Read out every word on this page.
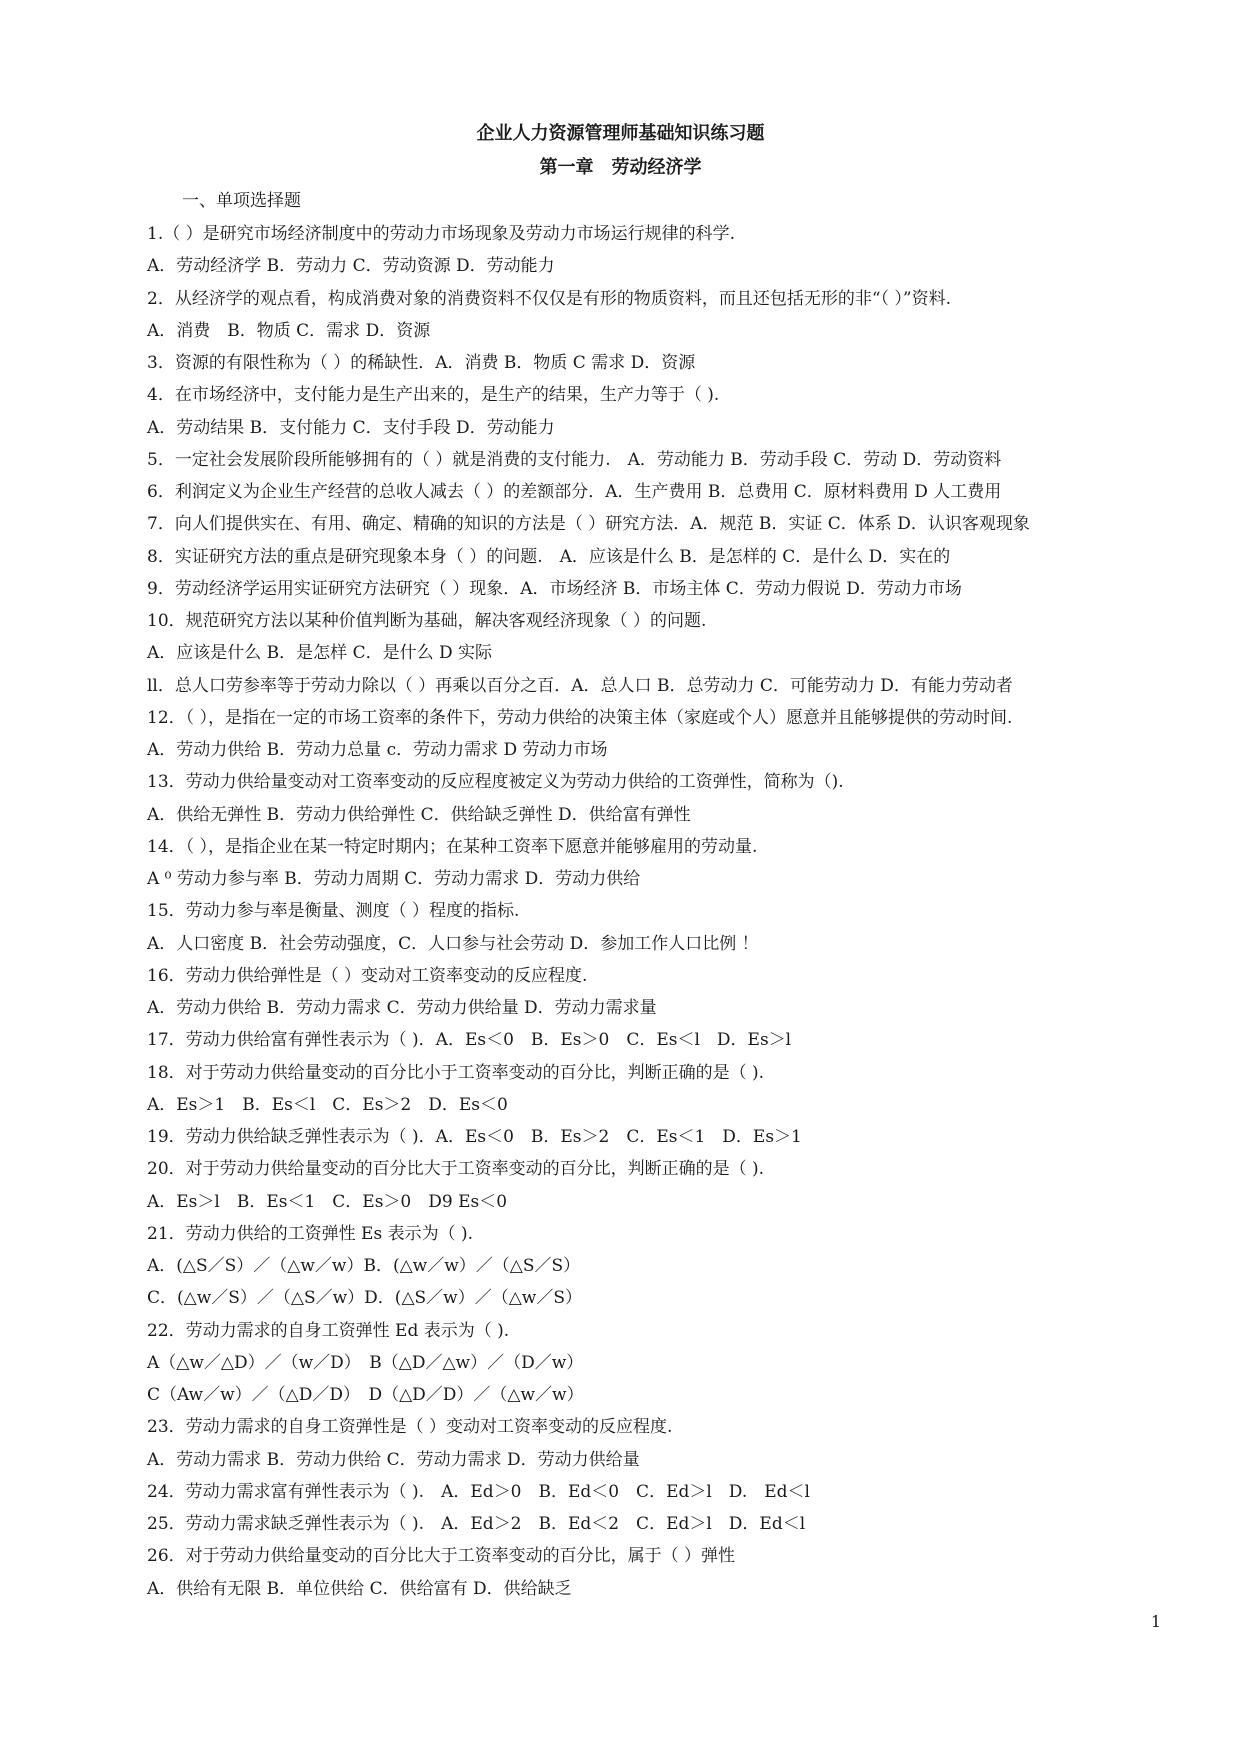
企业人力资源管理师基础知识练习题
第一章　劳动经济学
一、单项选择题
1.（ ）是研究市场经济制度中的劳动力市场现象及劳动力市场运行规律的科学.
A．劳动经济学 B．劳动力 C．劳动资源 D．劳动能力
2．从经济学的观点看，构成消费对象的消费资料不仅仅是有形的物质资料，而且还包括无形的非“（ ）”资料.
A．消费　B．物质 C．需求 D．资源
3．资源的有限性称为（ ）的稀缺性．A．消费 B．物质 C 需求 D．资源
4．在市场经济中，支付能力是生产出来的，是生产的结果，生产力等于（ ).
A．劳动结果 B．支付能力 C．支付手段 D．劳动能力
5．一定社会发展阶段所能够拥有的（ ）就是消费的支付能力.　A．劳动能力 B．劳动手段 C．劳动 D．劳动资料
6．利润定义为企业生产经营的总收人减去（ ）的差额部分．A．生产费用 B．总费用 C．原材料费用 D 人工费用
7．向人们提供实在、有用、确定、精确的知识的方法是（ ）研究方法．A．规范 B．实证 C．体系 D．认识客观现象
8．实证研究方法的重点是研究现象本身（ ）的问题.　A．应该是什么 B．是怎样的 C．是什么 D．实在的
9．劳动经济学运用实证研究方法研究（ ）现象．A．市场经济 B．市场主体 C．劳动力假说 D．劳动力市场
10．规范研究方法以某种价值判断为基础，解决客观经济现象（ ）的问题.
A．应该是什么 B．是怎样 C．是什么 D 实际
ll．总人口劳参率等于劳动力除以（ ）再乘以百分之百．A．总人口 B．总劳动力 C．可能劳动力 D．有能力劳动者
12．（ ），是指在一定的市场工资率的条件下，劳动力供给的决策主体（家庭或个人）愿意并且能够提供的劳动时间.
A．劳动力供给 B．劳动力总量 c．劳动力需求 D 劳动力市场
13．劳动力供给量变动对工资率变动的反应程度被定义为劳动力供给的工资弹性，简称为（).
A．供给无弹性 B．劳动力供给弹性 C．供给缺乏弹性 D．供给富有弹性
14．（ ），是指企业在某一特定时期内；在某种工资率下愿意并能够雇用的劳动量.
A ⁰ 劳动力参与率 B．劳动力周期 C．劳动力需求 D．劳动力供给
15．劳动力参与率是衡量、测度（ ）程度的指标.
A．人口密度 B．社会劳动强度，C．人口参与社会劳动 D．参加工作人口比例 ！
16．劳动力供给弹性是（ ）变动对工资率变动的反应程度.
A．劳动力供给 B．劳动力需求 C．劳动力供给量 D．劳动力需求量
17．劳动力供给富有弹性表示为（ )．A．Es＜0　B．Es＞0　C．Es＜l　D．Es＞l
18．对于劳动力供给量变动的百分比小于工资率变动的百分比，判断正确的是（ ).
A．Es＞1　B．Es＜l　C．Es＞2　D．Es＜0
19．劳动力供给缺乏弹性表示为（ )．A．Es＜0　B．Es＞2　C．Es＜1　D．Es＞1
20．对于劳动力供给量变动的百分比大于工资率变动的百分比，判断正确的是（ ).
A．Es＞l　B．Es＜1　C．Es＞0　D9 Es＜0
21．劳动力供给的工资弹性 Es 表示为（ ).
A．(△S／S）／（△w／w）B．(△w／w）／（△S／S）
C．(△w／S）／（△S／w）D．(△S／w）／（△w／S）
22．劳动力需求的自身工资弹性 Ed 表示为（ ).
A（△w／△D）／（w／D）　B（△D／△w）／（D／w）
C（Aw／w）／（△D／D）　D（△D／D）／（△w／w）
23．劳动力需求的自身工资弹性是（ ）变动对工资率变动的反应程度.
A．劳动力需求 B．劳动力供给 C．劳动力需求 D．劳动力供给量
24．劳动力需求富有弹性表示为（ ).　A．Ed＞0　B．Ed＜0　C．Ed＞l　D.　Ed＜l
25．劳动力需求缺乏弹性表示为（ ).　A．Ed＞2　B．Ed＜2　C．Ed＞l　D．Ed＜l
26．对于劳动力供给量变动的百分比大于工资率变动的百分比，属于（ ）弹性
A．供给有无限 B．单位供给 C．供给富有 D．供给缺乏
1
